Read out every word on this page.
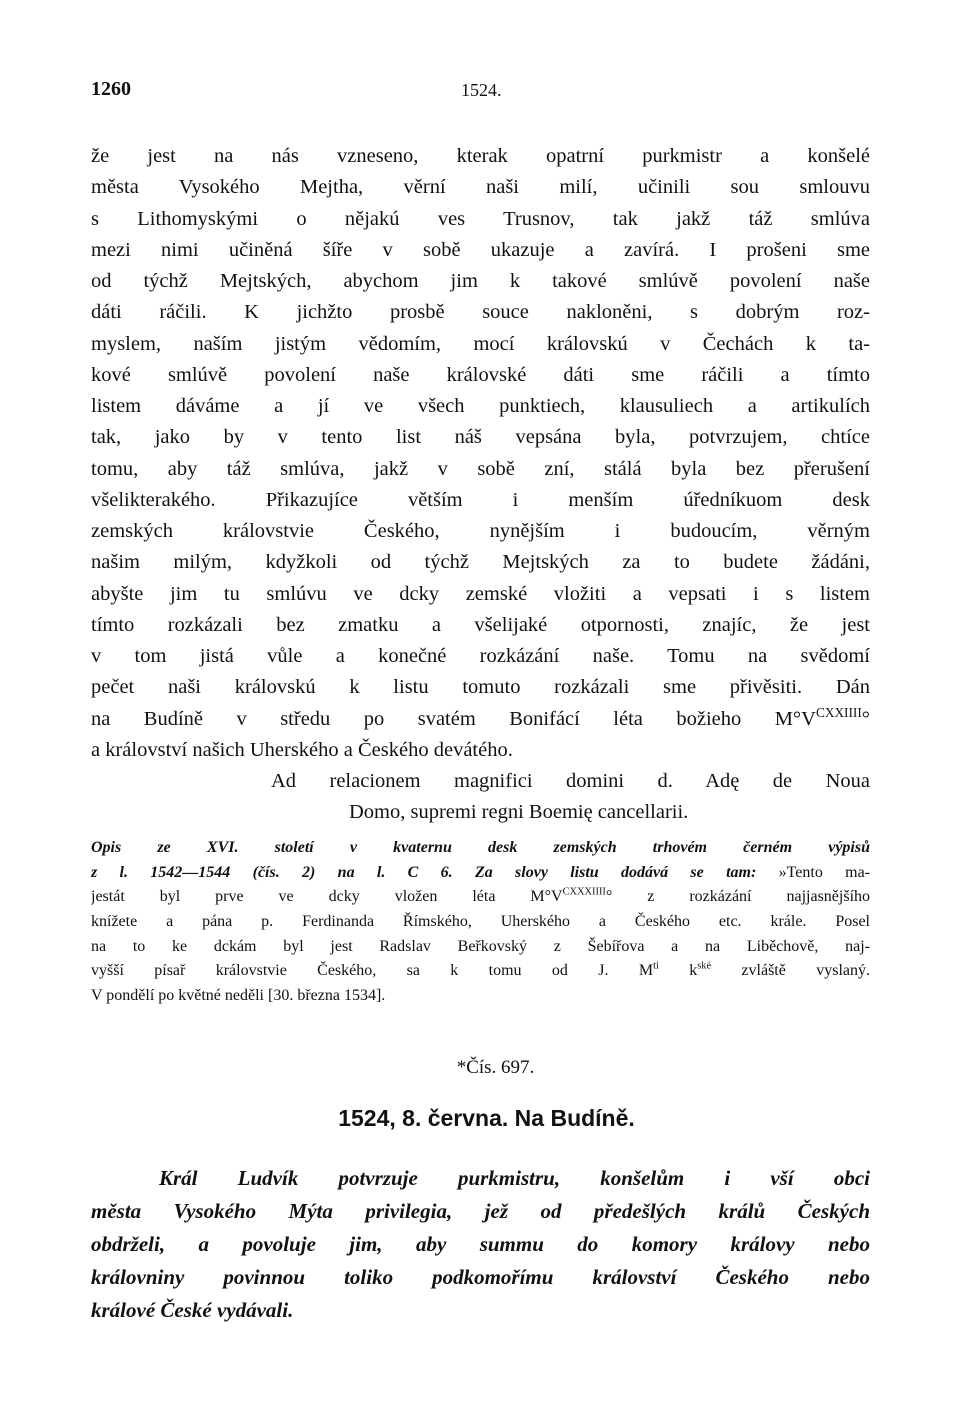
1260	1524.
že jest na nás vzneseno, kterak opatrní purkmistr a konšelé
města Vysokého Mejtha, věrní naši milí, učinili sou smlouvu
s Lithomyskými o nějakú ves Trusnov, tak jakž táž smlúva
mezi nimi učiněná šíře v sobě ukazuje a zavírá. I prošeni sme
od týchž Mejtských, abychom jim k takové smlúvě povolení naše
dáti ráčili. K jichžto prosbě souce nakloněni, s dobrým roz-
myslem, naším jistým vědomím, mocí královskú v Čechách k ta-
kové smlúvě povolení naše královské dáti sme ráčili a tímto
listem dáváme a jí ve všech punktiech, klausuliech a artikulích
tak, jako by v tento list náš vepsána byla, potvrzujem, chtíce
tomu, aby táž smlúva, jakž v sobě zní, stálá byla bez přerušení
všelikterakého. Přikazujíce větším i menším úředníkuom desk
zemských královstvie Českého, nynějším i budoucím, věrným
našim milým, kdyžkoli od týchž Mejtských za to budete žádáni,
abyšte jim tu smlúvu ve dcky zemské vložiti a vepsati i s listem
tímto rozkázali bez zmatku a všelijaké otpornosti, znajíc, že jest
v tom jistá vůle a konečné rozkázání naše. Tomu na svědomí
pečet naši královskú k listu tomuto rozkázali sme přivěsiti. Dán
na Budíně v středu po svatém Bonifácí léta božieho $M^\circ V^{CXXIIII}^\circ$
a království našich Uherského a Českého devátého.
Ad relacionem magnifici domini d. Adę de Noua
Domo, supremi regni Boemię cancellarii.
Opis ze XVI. století v kvaternu desk zemských trhovém černém výpisů
z l. 1542—1544 (čís. 2) na l. C 6. Za slovy listu dodává se tam: »Tento ma-
jestát byl prve ve dcky vložen léta $M^\circ V^{CXXXIIII}^\circ$ z rozkázání najjasnějšího
knížete a pána p. Ferdinanda Římského, Uherského a Českého etc. krále. Posel
na to ke dckám byl jest Radslav Beřkovský z Šebířova a na Liběchově, naj-
vyšší písař královstvie Českého, sa k tomu od J. $M^{ti}$ $k^{ské}$ zvláště vyslaný.
V pondělí po květné neděli [30. března 1534].
*Čís. 697.
1524, 8. června. Na Budíně.
Král Ludvík potvrzuje purkmistru, konšelům i vší obci
města Vysokého Mýta privilegia, jež od předešlých králů Českých
obdrželi, a povoluje jim, aby summu do komory královy nebo
královniny povinnou toliko podkomořímu království Českého nebo
králové České vydávali.
